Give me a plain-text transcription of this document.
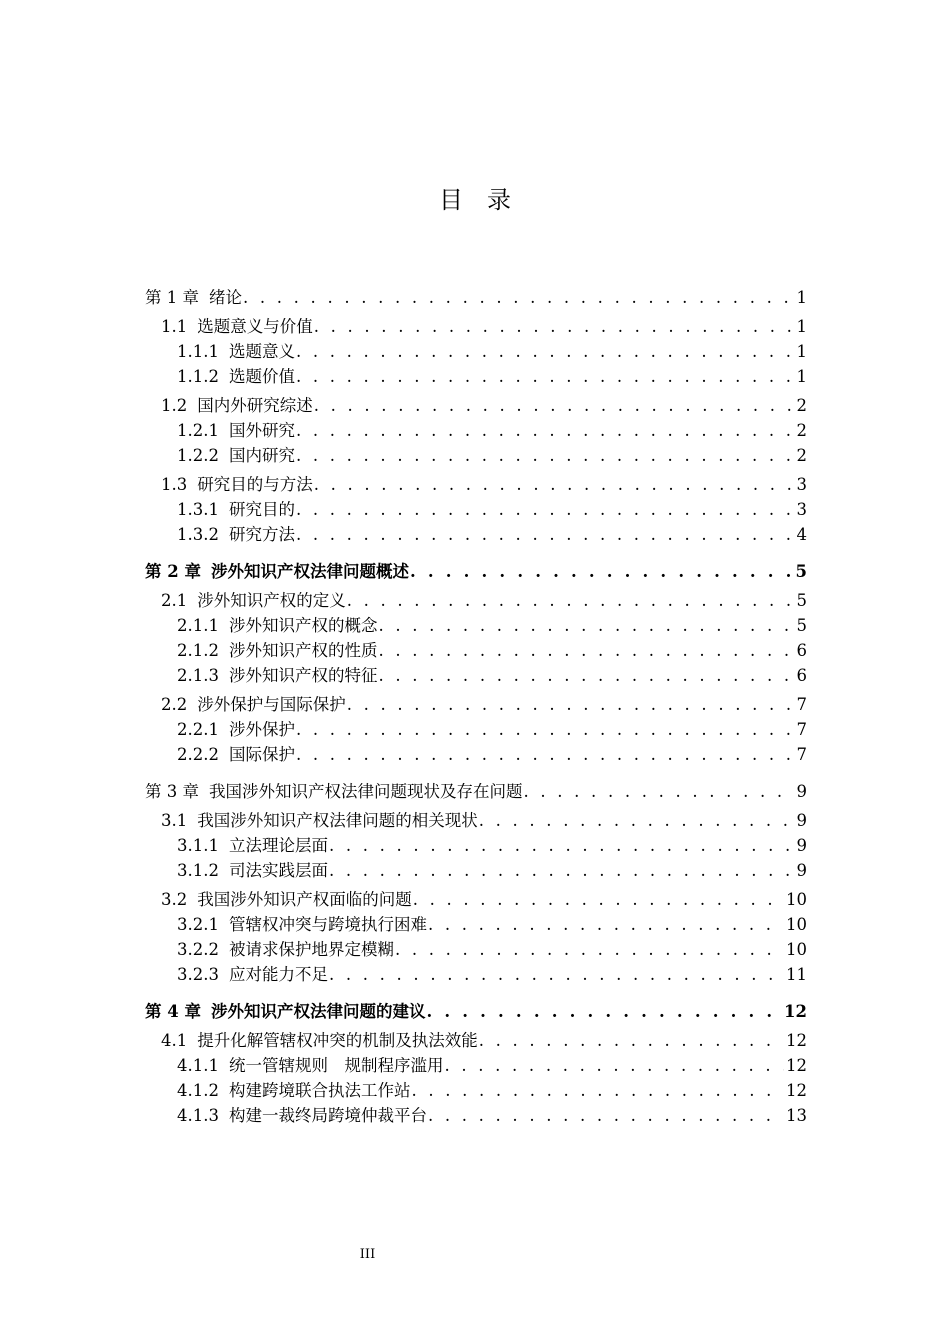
目　录
第 1 章 绪论 . . .	1
1.1 选题意义与价值 . . .	1
1.1.1 选题意义 . . .	1
1.1.2 选题价值 . . .	1
1.2 国内外研究综述 . . .	2
1.2.1 国外研究 . . .	2
1.2.2 国内研究 . . .	2
1.3 研究目的与方法 . . .	3
1.3.1 研究目的 . . .	3
1.3.2 研究方法 . . .	4
第 2 章 涉外知识产权法律问题概述 . . .	5
2.1 涉外知识产权的定义 . . .	5
2.1.1 涉外知识产权的概念 . . .	5
2.1.2 涉外知识产权的性质 . . .	6
2.1.3 涉外知识产权的特征 . . .	6
2.2 涉外保护与国际保护 . . .	7
2.2.1 涉外保护 . . .	7
2.2.2 国际保护 . . .	7
第 3 章 我国涉外知识产权法律问题现状及存在问题 . . .	9
3.1 我国涉外知识产权法律问题的相关现状 . . .	9
3.1.1 立法理论层面 . . .	9
3.1.2 司法实践层面 . . .	9
3.2 我国涉外知识产权面临的问题 . . .	10
3.2.1 管辖权冲突与跨境执行困难 . . .	10
3.2.2 被请求保护地界定模糊 . . .	10
3.2.3 应对能力不足 . . .	11
第 4 章 涉外知识产权法律问题的建议 . . .	12
4.1 提升化解管辖权冲突的机制及执法效能 . . .	12
4.1.1 统一管辖规则　规制程序滥用 . . .	12
4.1.2 构建跨境联合执法工作站 . . .	12
4.1.3 构建一裁终局跨境仲裁平台 . . .	13
III
